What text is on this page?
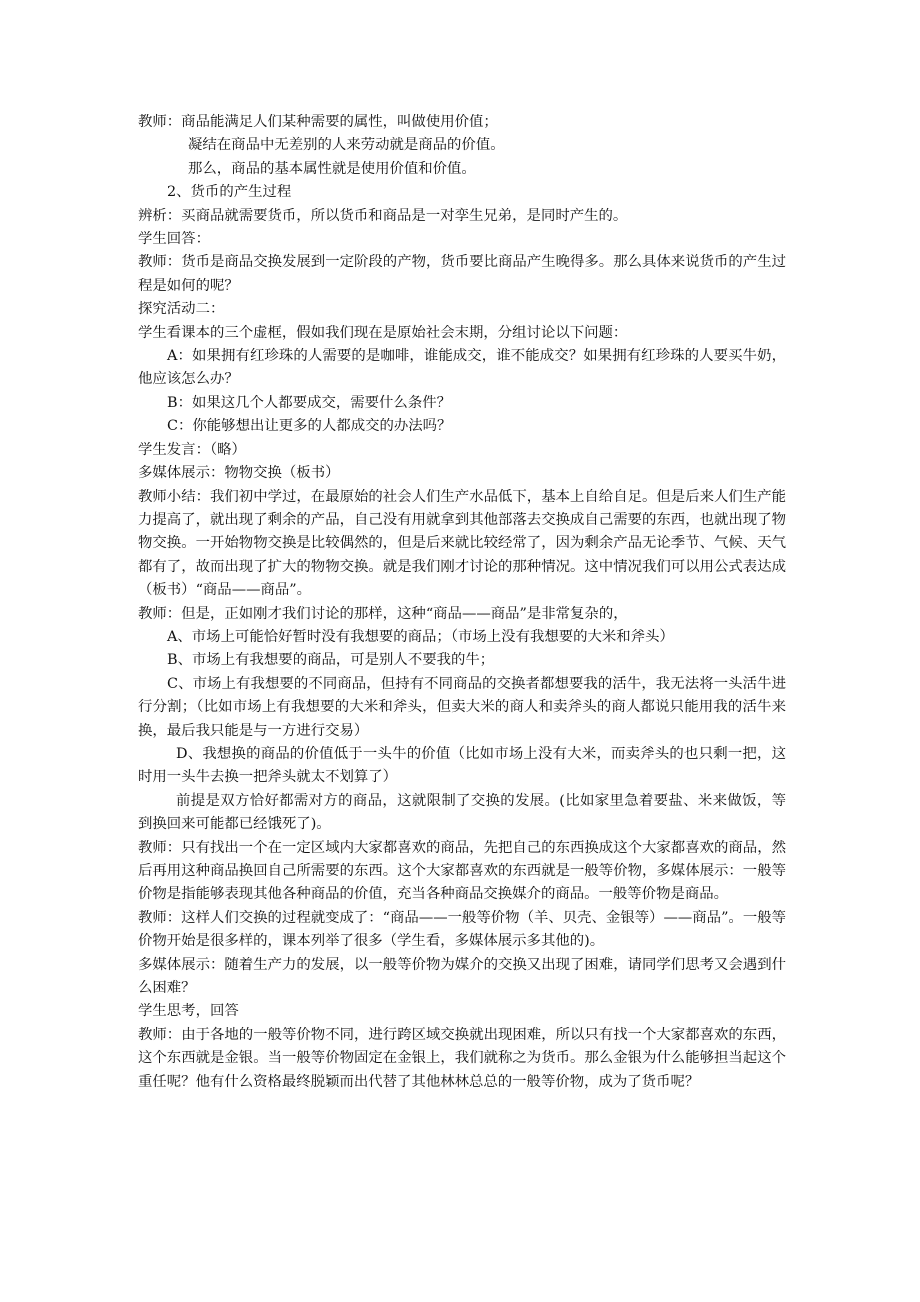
教师：商品能满足人们某种需要的属性，叫做使用价值；

凝结在商品中无差别的人来劳动就是商品的价值。

那么，商品的基本属性就是使用价值和价值。

2、货币的产生过程

辨析：买商品就需要货币，所以货币和商品是一对孪生兄弟，是同时产生的。

学生回答：

教师：货币是商品交换发展到一定阶段的产物，货币要比商品产生晚得多。那么具体来说货币的产生过程是如何的呢？

探究活动二：

学生看课本的三个虚框，假如我们现在是原始社会末期，分组讨论以下问题：

A：如果拥有红珍珠的人需要的是咖啡，谁能成交，谁不能成交？如果拥有红珍珠的人要买牛奶，他应该怎么办？

B：如果这几个人都要成交，需要什么条件？

C：你能够想出让更多的人都成交的办法吗？

学生发言：（略）

多媒体展示：物物交换（板书）

教师小结：我们初中学过，在最原始的社会人们生产水品低下，基本上自给自足。但是后来人们生产能力提高了，就出现了剩余的产品，自己没有用就拿到其他部落去交换成自己需要的东西，也就出现了物物交换。一开始物物交换是比较偶然的，但是后来就比较经常了，因为剩余产品无论季节、气候、天气都有了，故而出现了扩大的物物交换。就是我们刚才讨论的那种情况。这中情况我们可以用公式表达成（板书）“商品——商品”。

教师：但是，正如刚才我们讨论的那样，这种“商品——商品”是非常复杂的，

A、市场上可能恰好暂时没有我想要的商品；（市场上没有我想要的大米和斧头）

B、市场上有我想要的商品，可是别人不要我的牛；

C、市场上有我想要的不同商品，但持有不同商品的交换者都想要我的活牛，我无法将一头活牛进行分割；（比如市场上有我想要的大米和斧头，但卖大米的商人和卖斧头的商人都说只能用我的活牛来换，最后我只能是与一方进行交易）

D、我想换的商品的价值低于一头牛的价值（比如市场上没有大米，而卖斧头的也只剩一把，这时用一头牛去换一把斧头就太不划算了）

前提是双方恰好都需对方的商品，这就限制了交换的发展。(比如家里急着要盐、米来做饭，等到换回来可能都已经饿死了)。

教师：只有找出一个在一定区域内大家都喜欢的商品，先把自己的东西换成这个大家都喜欢的商品，然后再用这种商品换回自己所需要的东西。这个大家都喜欢的东西就是一般等价物，多媒体展示：一般等价物是指能够表现其他各种商品的价值，充当各种商品交换媒介的商品。一般等价物是商品。

教师：这样人们交换的过程就变成了：“商品——一般等价物（羊、贝壳、金银等）——商品”。一般等价物开始是很多样的，课本列举了很多（学生看，多媒体展示多其他的)。

多媒体展示：随着生产力的发展，以一般等价物为媒介的交换又出现了困难，请同学们思考又会遇到什么困难？

学生思考，回答

教师：由于各地的一般等价物不同，进行跨区域交换就出现困难，所以只有找一个大家都喜欢的东西，这个东西就是金银。当一般等价物固定在金银上，我们就称之为货币。那么金银为什么能够担当起这个重任呢？他有什么资格最终脱颖而出代替了其他林林总总的一般等价物，成为了货币呢？
